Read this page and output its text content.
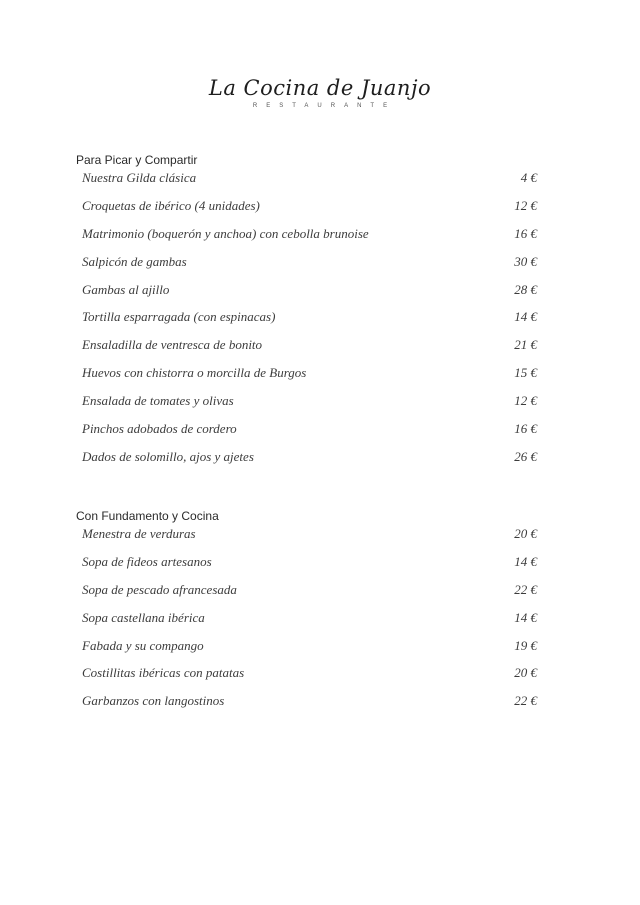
La Cocina de Juanjo
RESTAURANTE
Para Picar y Compartir
Nuestra Gilda clásica	4 €
Croquetas de ibérico (4 unidades)	12 €
Matrimonio (boquerón y anchoa) con cebolla brunoise	16 €
Salpicón de gambas	30 €
Gambas al ajillo	28 €
Tortilla esparragada (con espinacas)	14 €
Ensaladilla de ventresca de bonito	21 €
Huevos con chistorra o morcilla de Burgos	15 €
Ensalada de tomates y olivas	12 €
Pinchos adobados de cordero	16 €
Dados de solomillo, ajos y ajetes	26 €
Con Fundamento y Cocina
Menestra de verduras	20 €
Sopa de fideos artesanos	14 €
Sopa de pescado afrancesada	22 €
Sopa castellana ibérica	14 €
Fabada y su compango	19 €
Costillitas ibéricas con patatas	20 €
Garbanzos con langostinos	22 €
